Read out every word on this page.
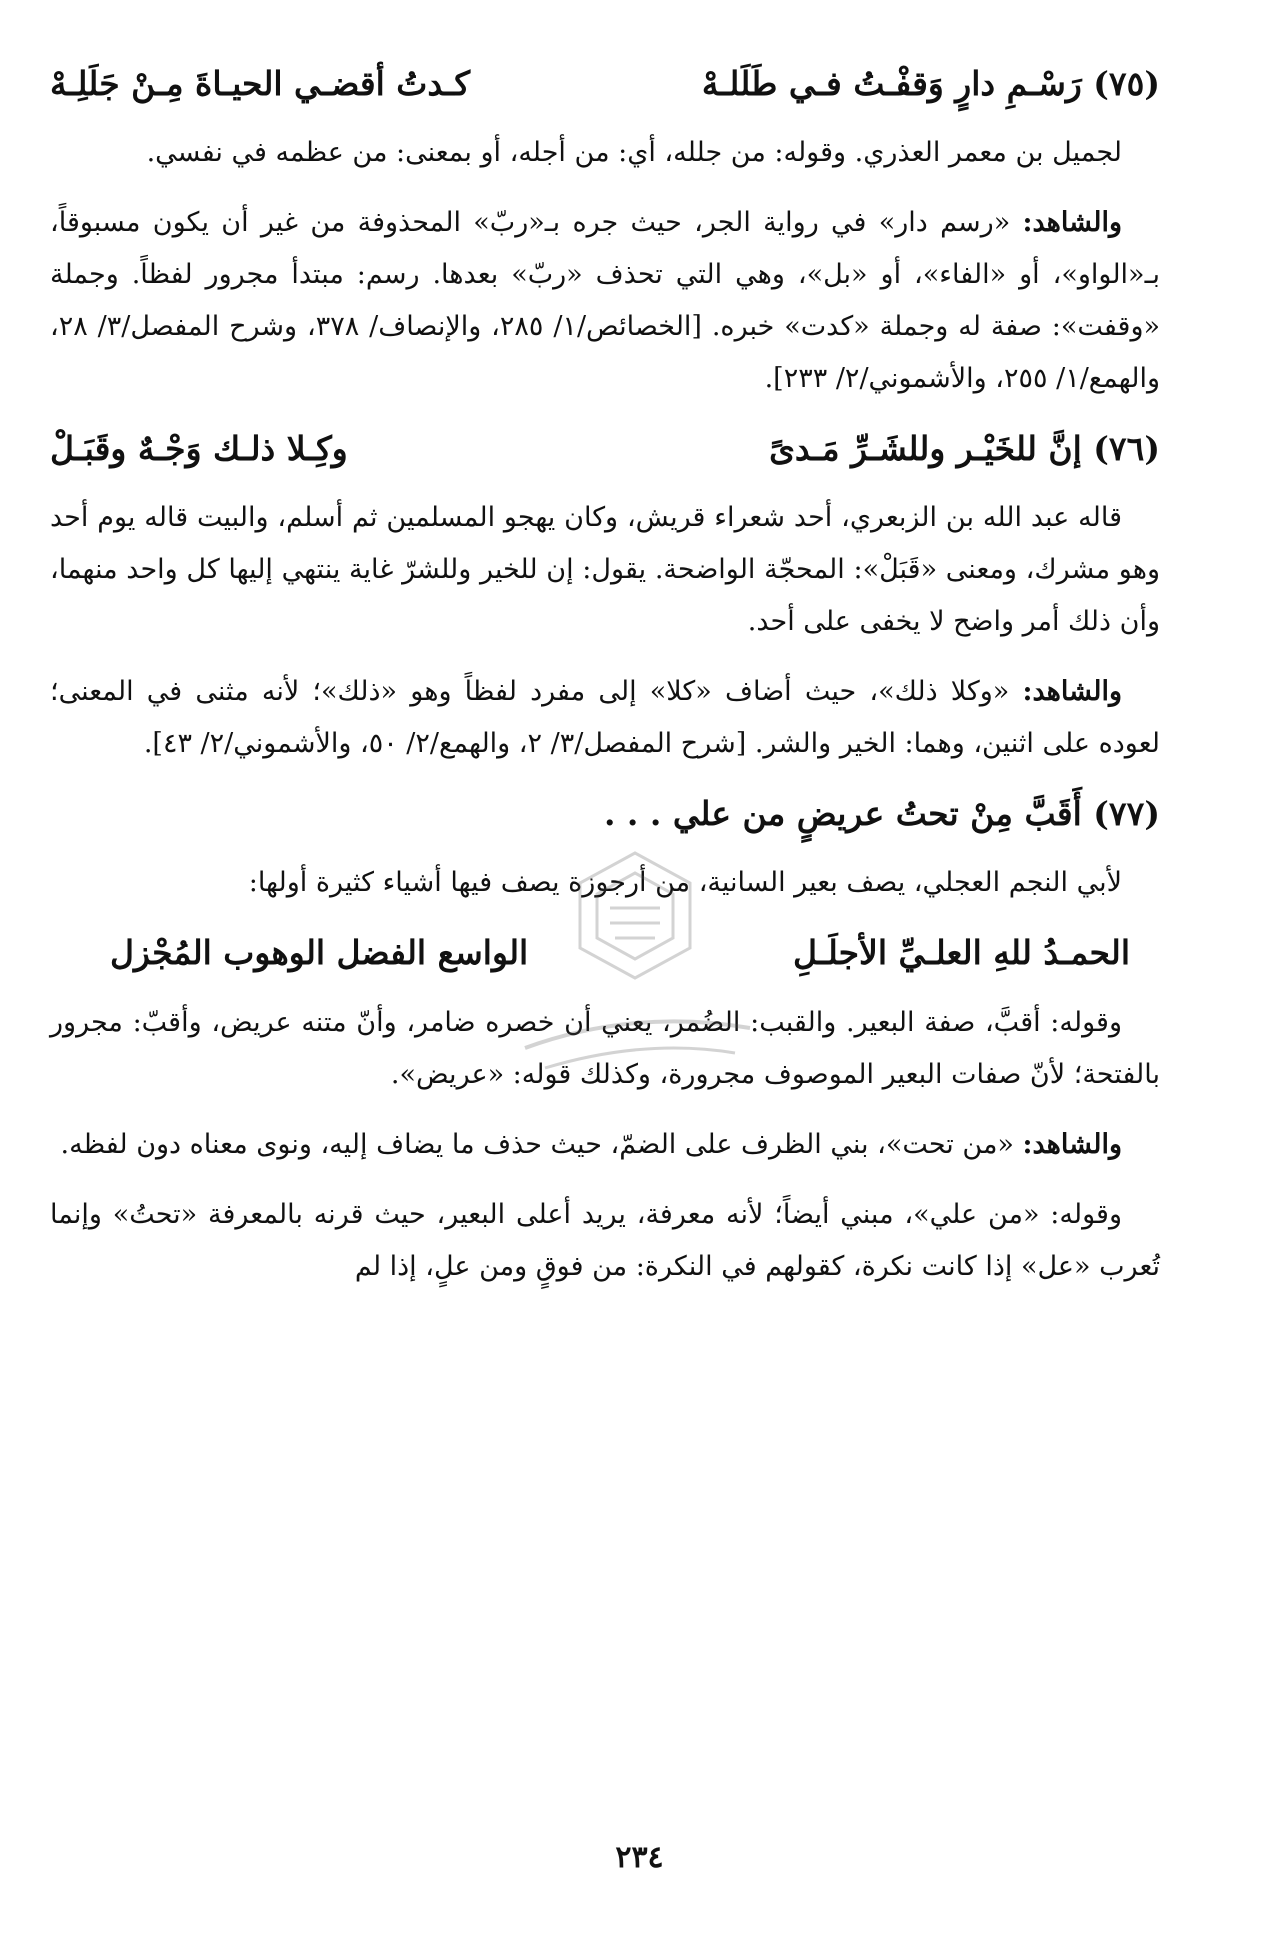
(٧٥) رَسْـمِ دارٍ وَقفْـتُ فـي طَلَلـهْ
كـدتُ أقضـي الحيـاةَ مِـنْ جَلَلِـهْ

لجميل بن معمر العذري. وقوله: من جلله، أي: من أجله، أو بمعنى: من عظمه في نفسي.

والشاهد: «رسم دار» في رواية الجر، حيث جره بـ«ربّ» المحذوفة من غير أن يكون مسبوقاً، بـ«الواو»، أو «الفاء»، أو «بل»، وهي التي تحذف «ربّ» بعدها. رسم: مبتدأ مجرور لفظاً. وجملة «وقفت»: صفة له وجملة «كدت» خبره. [الخصائص/١/ ٢٨٥، والإنصاف/ ٣٧٨، وشرح المفصل/٣/ ٢٨، والهمع/١/ ٢٥٥، والأشموني/٢/ ٢٣٣].

(٧٦) إنَّ للخَيْـر وللشَـرِّ مَـدىً
وكِـلا ذلـك وَجْـهٌ وقَبَـلْ

قاله عبد الله بن الزبعري، أحد شعراء قريش، وكان يهجو المسلمين ثم أسلم، والبيت قاله يوم أحد وهو مشرك، ومعنى «قَبَلْ»: المحجّة الواضحة. يقول: إن للخير وللشرّ غاية ينتهي إليها كل واحد منهما، وأن ذلك أمر واضح لا يخفى على أحد.

والشاهد: «وكلا ذلك»، حيث أضاف «كلا» إلى مفرد لفظاً وهو «ذلك»؛ لأنه مثنى في المعنى؛ لعوده على اثنين، وهما: الخير والشر. [شرح المفصل/٣/ ٢، والهمع/٢/ ٥٠، والأشموني/٢/ ٤٣].

(٧٧) أَقَبَّ مِنْ تحتُ عريضٍ من علي . . .

لأبي النجم العجلي، يصف بعير السانية، من أرجوزة يصف فيها أشياء كثيرة أولها:

الحمـدُ للهِ العلـيِّ الأجلَـلِ
الواسع الفضل الوهوب المُجْزل

وقوله: أقبَّ، صفة البعير. والقبب: الضُمر، يعني أن خصره ضامر، وأنّ متنه عريض، وأقبّ: مجرور بالفتحة؛ لأنّ صفات البعير الموصوف مجرورة، وكذلك قوله: «عريض».

والشاهد: «من تحت»، بني الظرف على الضمّ، حيث حذف ما يضاف إليه، ونوى معناه دون لفظه.

وقوله: «من علي»، مبني أيضاً؛ لأنه معرفة، يريد أعلى البعير، حيث قرنه بالمعرفة «تحتُ» وإنما تُعرب «عل» إذا كانت نكرة، كقولهم في النكرة: من فوقٍ ومن علٍ، إذا لم

٢٣٤
